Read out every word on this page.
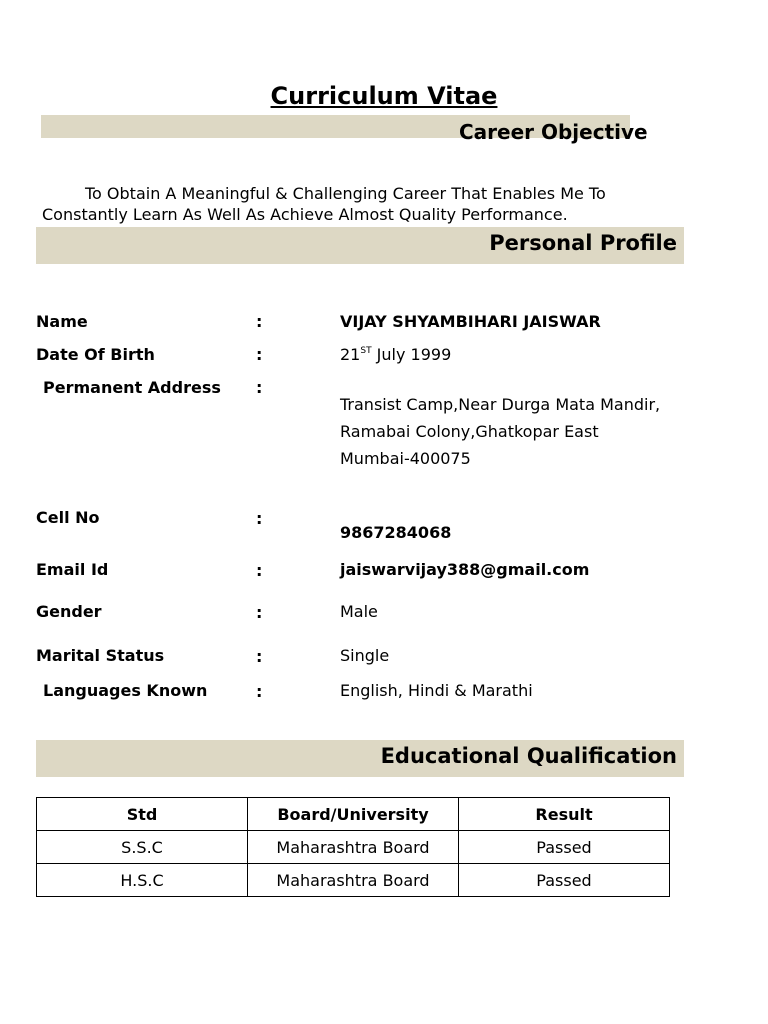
Curriculum Vitae
Career Objective
To Obtain A Meaningful & Challenging Career That Enables Me To
Constantly Learn As Well As Achieve Almost Quality Performance.
Personal Profile
Name	:	VIJAY SHYAMBIHARI JAISWAR
Date Of Birth	:	21ST July 1999
Permanent Address :
Transist Camp,Near Durga Mata Mandir,
Ramabai Colony,Ghatkopar East
Mumbai-400075
Cell No	:
9867284068
Email Id	:	jaiswarvijay388@gmail.com
Gender	:	Male
Marital Status	:	Single
Languages Known	:	English, Hindi & Marathi
Educational Qualification
Std	Board/University	Result
S.S.C	Maharashtra Board	Passed
H.S.C	Maharashtra Board	Passed
